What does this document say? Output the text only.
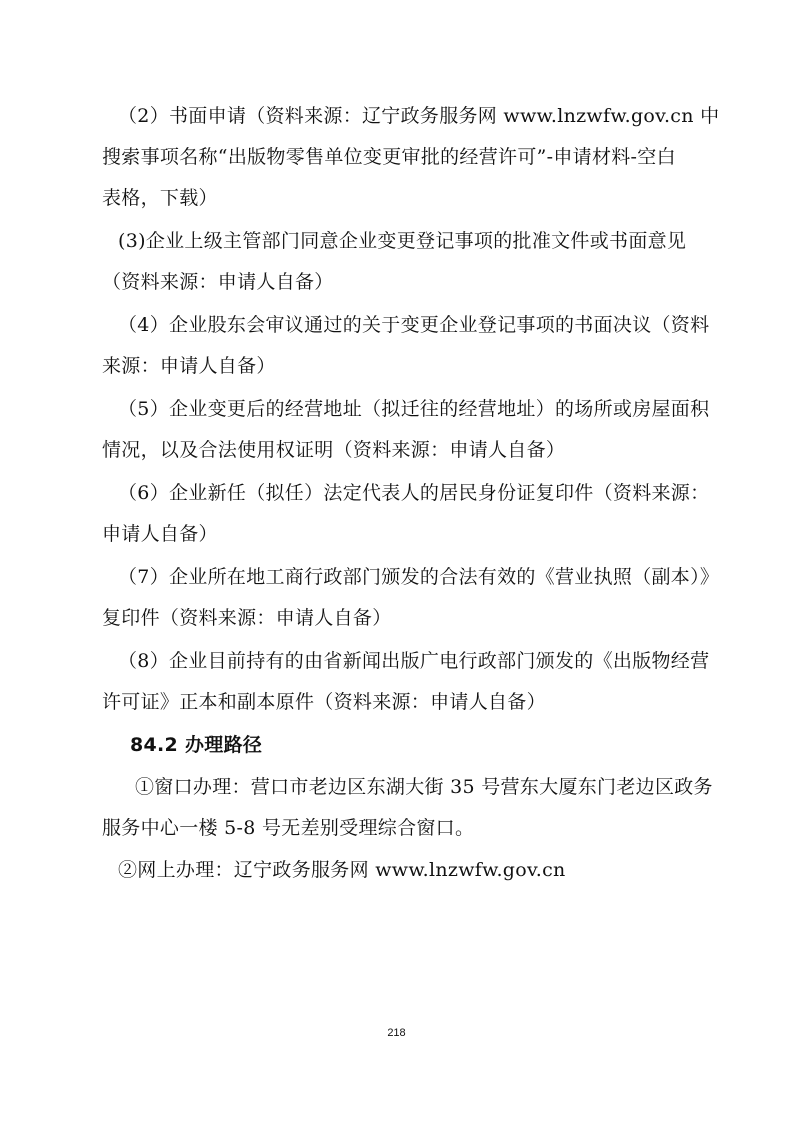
（2）书面申请（资料来源：辽宁政务服务网 www.lnzwfw.gov.cn 中
搜索事项名称“出版物零售单位变更审批的经营许可”-申请材料-空白
表格，下载）
(3)企业上级主管部门同意企业变更登记事项的批准文件或书面意见
（资料来源：申请人自备）
（4）企业股东会审议通过的关于变更企业登记事项的书面决议（资料
来源：申请人自备）
（5）企业变更后的经营地址（拟迁往的经营地址）的场所或房屋面积
情况，以及合法使用权证明（资料来源：申请人自备）
（6）企业新任（拟任）法定代表人的居民身份证复印件（资料来源：
申请人自备）
（7）企业所在地工商行政部门颁发的合法有效的《营业执照（副本）》
复印件（资料来源：申请人自备）
（8）企业目前持有的由省新闻出版广电行政部门颁发的《出版物经营
许可证》正本和副本原件（资料来源：申请人自备）
84.2 办理路径
①窗口办理：营口市老边区东湖大街 35 号营东大厦东门老边区政务
服务中心一楼 5-8 号无差别受理综合窗口。
②网上办理：辽宁政务服务网 www.lnzwfw.gov.cn
218
